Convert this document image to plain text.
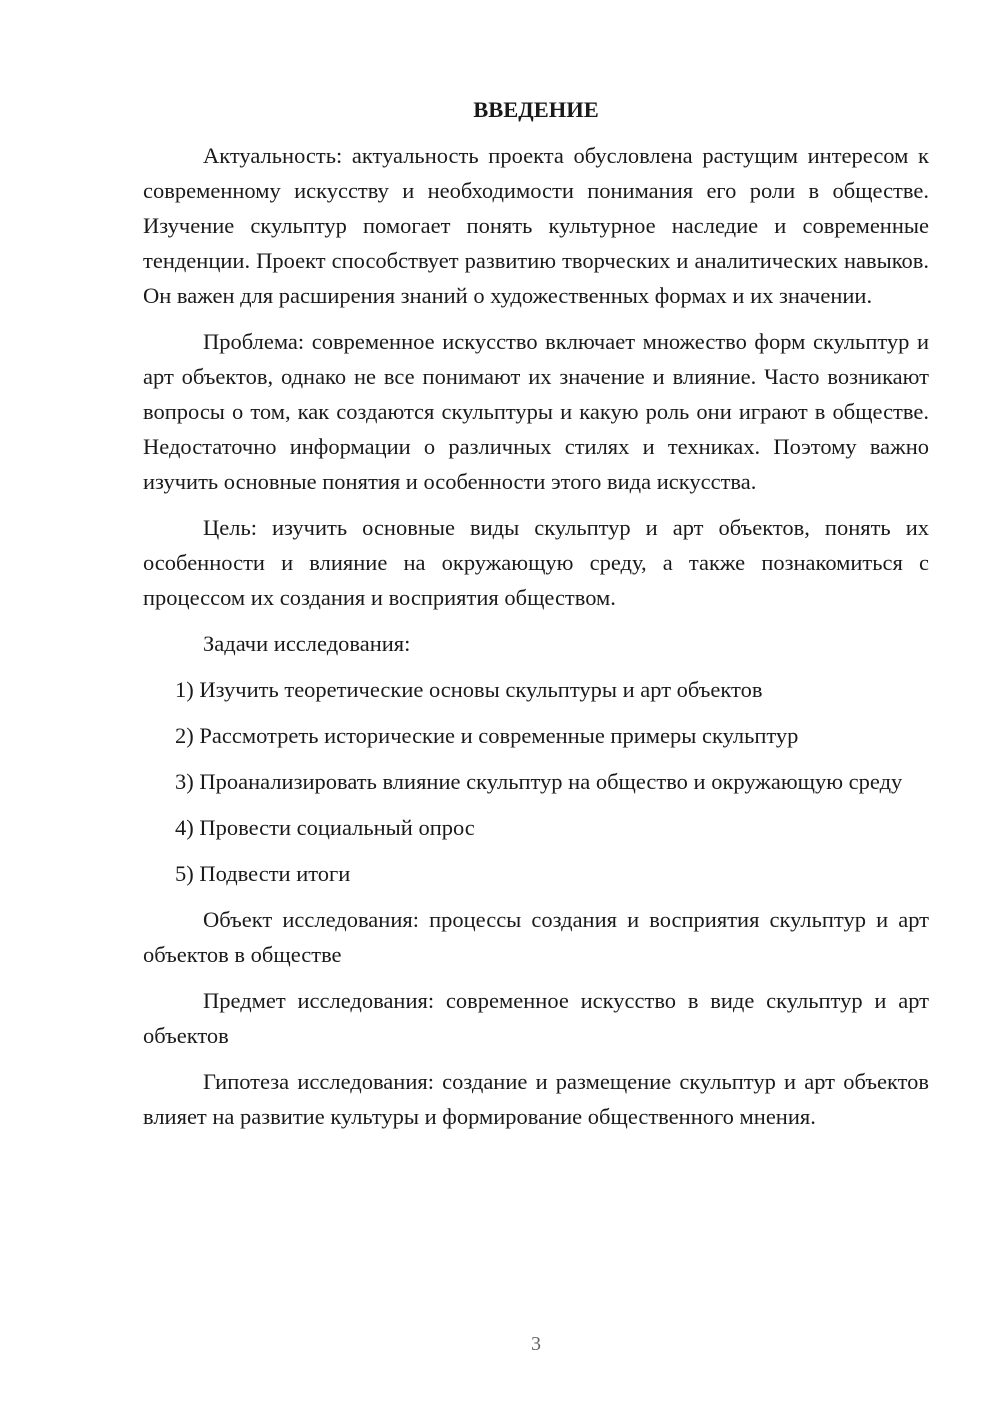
ВВЕДЕНИЕ

Актуальность: актуальность проекта обусловлена растущим интересом к современному искусству и необходимости понимания его роли в обществе. Изучение скульптур помогает понять культурное наследие и современные тенденции. Проект способствует развитию творческих и аналитических навыков. Он важен для расширения знаний о художественных формах и их значении.

Проблема: современное искусство включает множество форм скульптур и арт объектов, однако не все понимают их значение и влияние. Часто возникают вопросы о том, как создаются скульптуры и какую роль они играют в обществе. Недостаточно информации о различных стилях и техниках. Поэтому важно изучить основные понятия и особенности этого вида искусства.

Цель: изучить основные виды скульптур и арт объектов, понять их особенности и влияние на окружающую среду, а также познакомиться с процессом их создания и восприятия обществом.

Задачи исследования:

1) Изучить теоретические основы скульптуры и арт объектов

2) Рассмотреть исторические и современные примеры скульптур

3) Проанализировать влияние скульптур на общество и окружающую среду

4) Провести социальный опрос

5) Подвести итоги

Объект исследования: процессы создания и восприятия скульптур и арт объектов в обществе

Предмет исследования: современное искусство в виде скульптур и арт объектов

Гипотеза исследования: создание и размещение скульптур и арт объектов влияет на развитие культуры и формирование общественного мнения.

3
